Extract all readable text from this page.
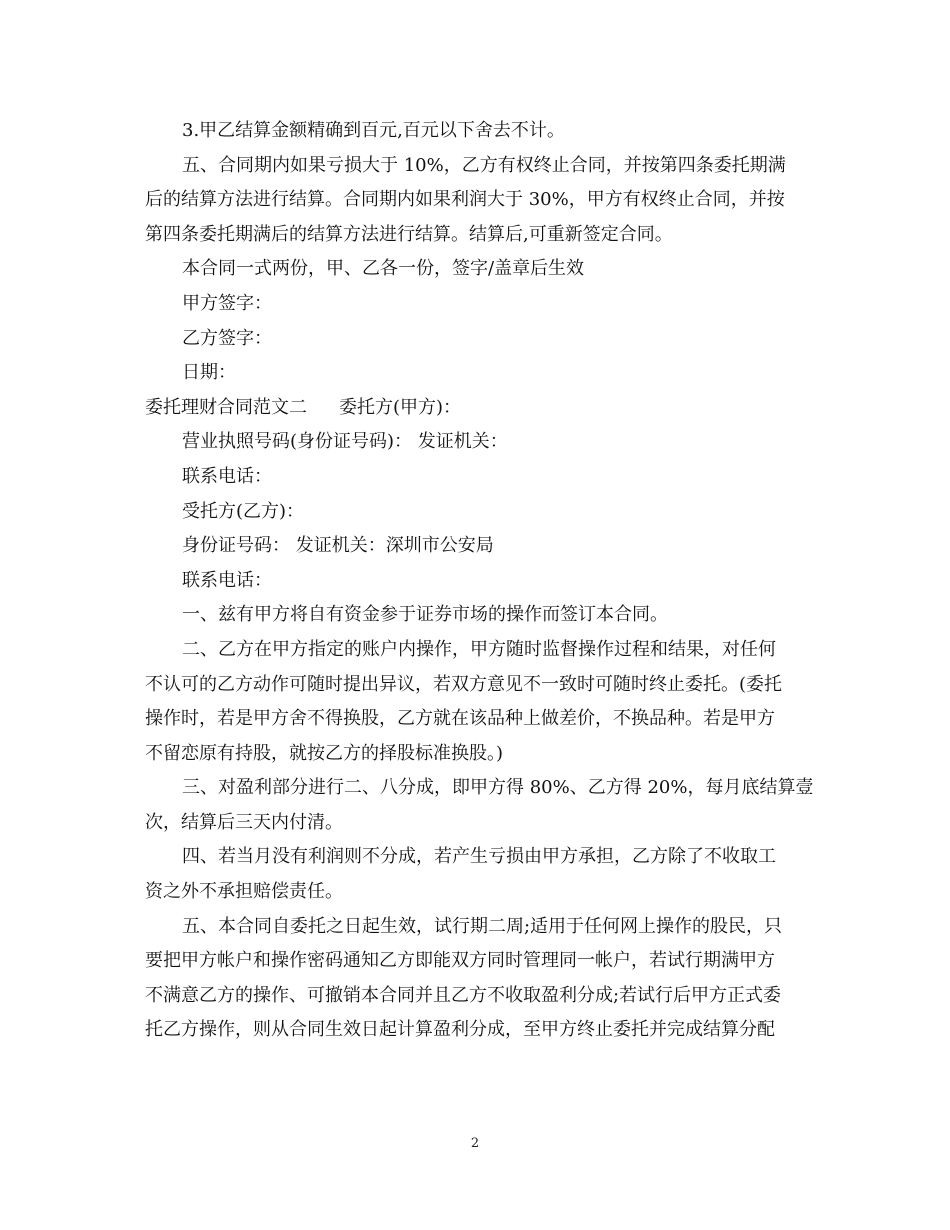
3.甲乙结算金额精确到百元,百元以下舍去不计。
五、合同期内如果亏损大于 10%，乙方有权终止合同，并按第四条委托期满
后的结算方法进行结算。合同期内如果利润大于 30%，甲方有权终止合同，并按
第四条委托期满后的结算方法进行结算。结算后,可重新签定合同。
本合同一式两份，甲、乙各一份，签字/盖章后生效
甲方签字：
乙方签字：
日期：
委托理财合同范文二 委托方(甲方)：
营业执照号码(身份证号码)： 发证机关：
联系电话：
受托方(乙方)：
身份证号码： 发证机关：深圳市公安局
联系电话：
一、兹有甲方将自有资金参于证券市场的操作而签订本合同。
二、乙方在甲方指定的账户内操作，甲方随时监督操作过程和结果，对任何
不认可的乙方动作可随时提出异议，若双方意见不一致时可随时终止委托。(委托
操作时，若是甲方舍不得换股，乙方就在该品种上做差价，不换品种。若是甲方
不留恋原有持股，就按乙方的择股标准换股。)
三、对盈利部分进行二、八分成，即甲方得 80%、乙方得 20%，每月底结算壹
次，结算后三天内付清。
四、若当月没有利润则不分成，若产生亏损由甲方承担，乙方除了不收取工
资之外不承担赔偿责任。
五、本合同自委托之日起生效，试行期二周;适用于任何网上操作的股民，只
要把甲方帐户和操作密码通知乙方即能双方同时管理同一帐户，若试行期满甲方
不满意乙方的操作、可撤销本合同并且乙方不收取盈利分成;若试行后甲方正式委
托乙方操作，则从合同生效日起计算盈利分成，至甲方终止委托并完成结算分配
2
